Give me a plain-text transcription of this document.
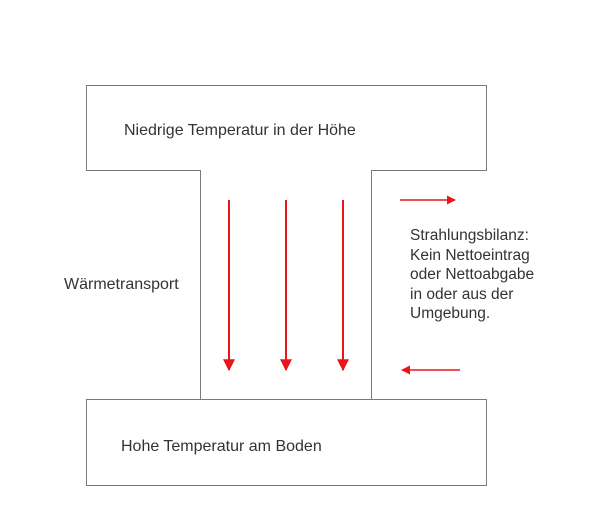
Niedrige Temperatur in der Höhe
Hohe Temperatur am Boden
Wärmetransport
Strahlungsbilanz:
Kein Nettoeintrag
oder Nettoabgabe
in oder aus der
Umgebung.
